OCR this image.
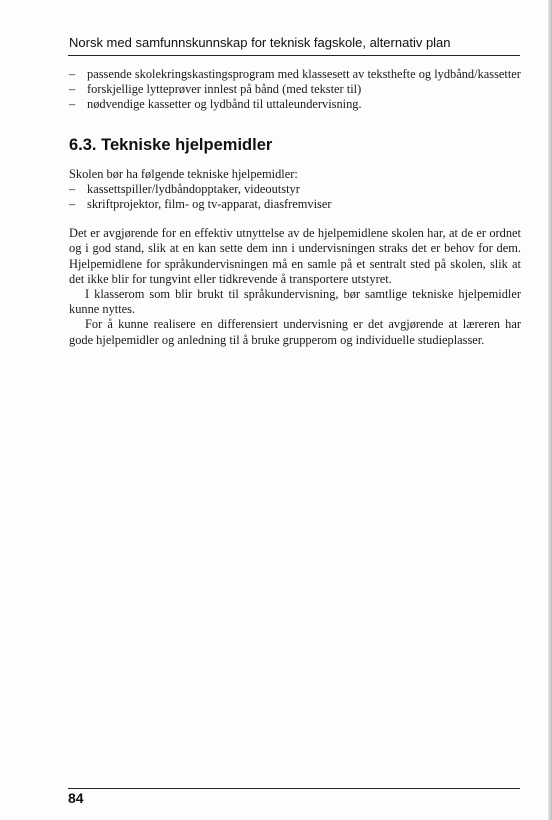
Norsk med samfunnskunnskap for teknisk fagskole, alternativ plan
– passende skolekringskastingsprogram med klassesett av teksthefte og lydbånd/kassetter
– forskjellige lytteprøver innlest på bånd (med tekster til)
– nødvendige kassetter og lydbånd til uttaleundervisning.
6.3. Tekniske hjelpemidler

Skolen bør ha følgende tekniske hjelpemidler:

– kassettspiller/lydbåndopptaker, videoutstyr
– skriftprojektor, film- og tv-apparat, diasfremviser

Det er avgjørende for en effektiv utnyttelse av de hjelpemidlene skolen har, at de er ordnet og i god stand, slik at en kan sette dem inn i undervisningen straks det er behov for dem. Hjelpemidlene for språkundervisningen må en samle på et sentralt sted på skolen, slik at det ikke blir for tungvint eller tidkrevende å transportere utstyret.

I klasserom som blir brukt til språkundervisning, bør samtlige tekniske hjelpemidler kunne nyttes.

For å kunne realisere en differensiert undervisning er det avgjørende at læreren har gode hjelpemidler og anledning til å bruke grupperom og individuelle studieplasser.

84
